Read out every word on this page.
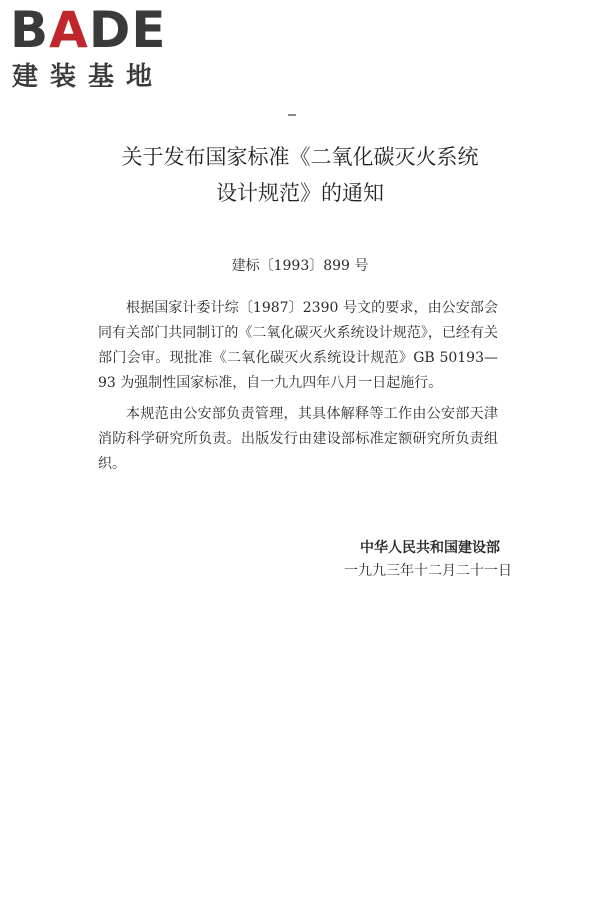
BADE
建装基地
关于发布国家标准《二氧化碳灭火系统
设计规范》的通知
建标〔1993〕899 号
根据国家计委计综〔1987〕2390 号文的要求，由公安部会同有关部门共同制订的《二氧化碳灭火系统设计规范》，已经有关部门会审。现批准《二氧化碳灭火系统设计规范》GB 50193—93 为强制性国家标准，自一九九四年八月一日起施行。
本规范由公安部负责管理，其具体解释等工作由公安部天津消防科学研究所负责。出版发行由建设部标准定额研究所负责组织。
中华人民共和国建设部
一九九三年十二月二十一日
